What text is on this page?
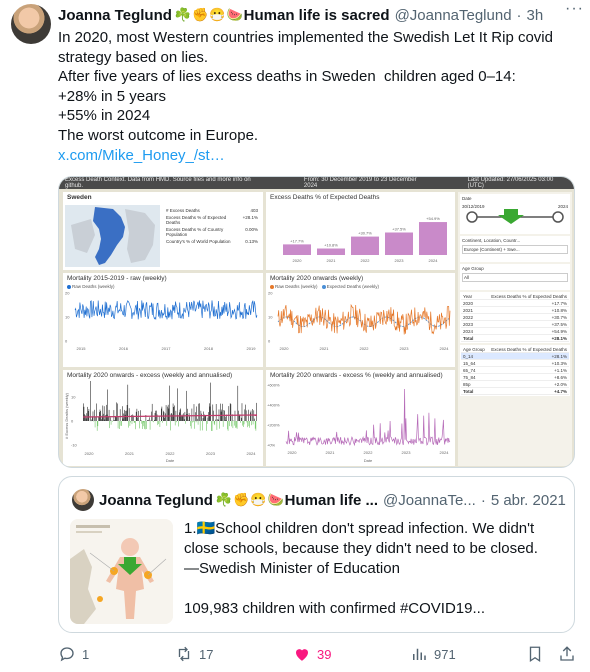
Joanna Teglund ☘️✊😷🍉 Human life is sacred @JoannaTeglund · 3h ···
In 2020, most Western countries implemented the Swedish Let It Rip covid
strategy based on lies.
After five years of lies excess deaths in Sweden  children aged 0–14:
+28% in 5 years
+55% in 2024
The worst outcome in Europe.
x.com/Mike_Honey_/st…
Excess Death Context. Data from HMD. Source files and more info on github.
From: 30 December 2019 to 23 December 2024
Last Updated: 27/06/2025 03:00 (UTC)
Sweden
# Excess Deaths	403
Excess Deaths % of Expected Deaths
+28.1%
Excess Deaths % of Country Population
0.00%
Country's % of World Population	0.13%
Excess Deaths % of Expected Deaths
+17.7%
2020
+10.8%
2021
+30.7%
2022
+37.5%
2023
+54.9%
2024
Mortality 2015-2019 - raw (weekly)
Raw Deaths (weekly)
0
10
20
2015	2016	2017	2018	2019
Mortality 2020 onwards (weekly)
Raw Deaths (weekly) Expected Deaths (weekly)
0
10
20
2020	2021	2022	2023	2024
Mortality 2020 onwards - excess (weekly and annualised)
# Excess Deaths (weekly)
-10
0
10
2020	2021	2022	2023	2024
Date
Mortality 2020 onwards - excess % (weekly and annualised)
+0%
+200%
+400%
+600%
2020	2021	2022	2023	2024
Date
Date
30/12/2019	2024
Continent, Location, Countr...
Europe (Continent) + Swe...
Age Group
All
Year	Excess Deaths % of Expected Deaths
2020	+17.7%
2021	+10.8%
2022	+30.7%
2023	+37.5%
2024	+54.9%
Total	+28.1%
Age Group	Excess Deaths % of Expected Deaths
0_14	+28.1%
15_64	+10.3%
65_74	+1.1%
75_84	+8.6%
85p	+2.0%
Total	+4.7%
Joanna Teglund ☘️✊😷🍉 Human life ... @JoannaTe... · 5 abr. 2021
1.🇸🇪School children don't spread infection. We didn't
close schools, because they didn't need to be closed.
—Swedish Minister of Education
109,983 children with confirmed #COVID19...
1	17	39	971
